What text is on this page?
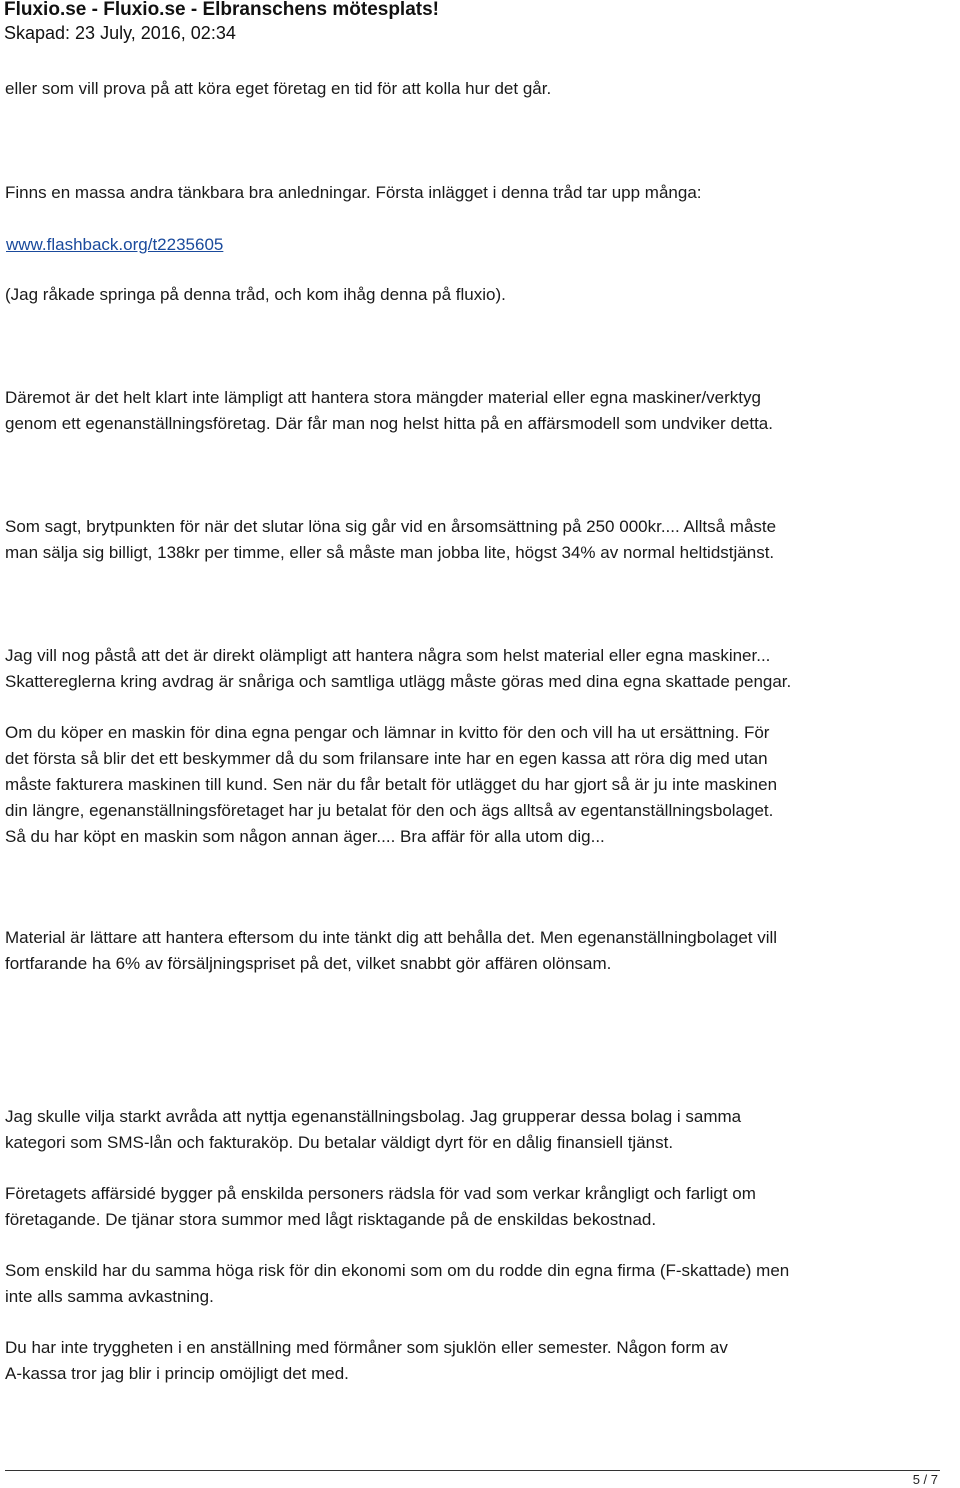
Fluxio.se - Fluxio.se - Elbranschens mötesplats!
Skapad: 23 July, 2016, 02:34
eller som vill prova på att köra eget företag en tid för att kolla hur det går.
Finns en massa andra tänkbara bra anledningar. Första inlägget i denna tråd tar upp många:
www.flashback.org/t2235605
(Jag råkade springa på denna tråd, och kom ihåg denna på fluxio).
Däremot är det helt klart inte lämpligt att hantera stora mängder material eller egna maskiner/verktyg
genom ett egenanställningsföretag. Där får man nog helst hitta på en affärsmodell som undviker detta.
Som sagt, brytpunkten för när det slutar löna sig går vid en årsomsättning på 250 000kr.... Alltså måste
man sälja sig billigt, 138kr per timme, eller så måste man jobba lite, högst 34% av normal heltidstjänst.
Jag vill nog påstå att det är direkt olämpligt att hantera några som helst material eller egna maskiner...
Skattereglerna kring avdrag är snåriga och samtliga utlägg måste göras med dina egna skattade pengar.
Om du köper en maskin för dina egna pengar och lämnar in kvitto för den och vill ha ut ersättning. För
det första så blir det ett beskymmer då du som frilansare inte har en egen kassa att röra dig med utan
måste fakturera maskinen till kund. Sen när du får betalt för utlägget du har gjort så är ju inte maskinen
din längre, egenanställningsföretaget har ju betalat för den och ägs alltså av egentanställningsbolaget.
Så du har köpt en maskin som någon annan äger.... Bra affär för alla utom dig...
Material är lättare att hantera eftersom du inte tänkt dig att behålla det. Men egenanställningbolaget vill
fortfarande ha 6% av försäljningspriset på det, vilket snabbt gör affären olönsam.
Jag skulle vilja starkt avråda att nyttja egenanställningsbolag. Jag grupperar dessa bolag i samma
kategori som SMS-lån och fakturaköp. Du betalar väldigt dyrt för en dålig finansiell tjänst.
Företagets affärsidé bygger på enskilda personers rädsla för vad som verkar krångligt och farligt om
företagande. De tjänar stora summor med lågt risktagande på de enskildas bekostnad.
Som enskild har du samma höga risk för din ekonomi som om du rodde din egna firma (F-skattade) men
inte alls samma avkastning.
Du har inte tryggheten i en anställning med förmåner som sjuklön eller semester. Någon form av
A-kassa tror jag blir i princip omöjligt det med.
5 / 7
